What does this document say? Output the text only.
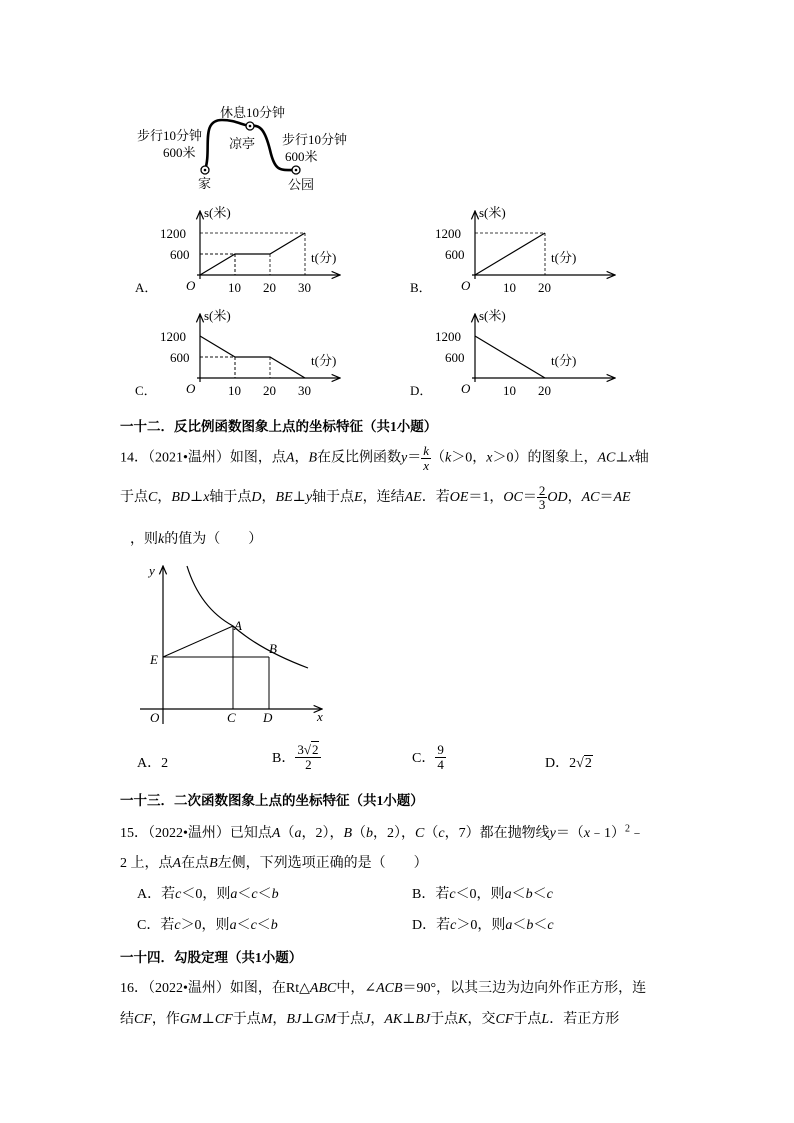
步行10分钟
600米
休息10分钟
凉亭 步行10分钟
600米
家	公园
1200
600
10 20 30
O
s(米)
t(分)
A．
1200
600
10 20
O
s(米)
t(分)
B．
1200
600
10 20 30
O
s(米)
t(分)
C．
1200
600
10 20
O
s(米)
t(分)
D．
一十二．反比例函数图象上点的坐标特征（共1小题）
14．（2021•温州）如图，点A，B在反比例函数$y= \frac{k}{x} (k>0$，x＞0）的图象上，AC⊥x轴
于点C，BD⊥x轴于点D，BE⊥y轴于点E，连结AE．若OE＝1，$OC= \frac{2}{3}$ OD，AC＝AE
，则k的值为（　　）
y
A
B
E
O	C D	x
A．2	B． $\frac{3√2}{2}$	C． $\frac{9}{4}$	D．2√2
一十三．二次函数图象上点的坐标特征（共1小题）
15．（2022•温州）已知点A（a，2），B（b，2），C（c，7）都在抛物线y＝（x﹣1）$^2$﹣
2 上，点A在点B左侧，下列选项正确的是（　　）
A．若c＜0，则a＜c＜b	B．若c＜0，则a＜b＜c
C．若c＞0，则a＜c＜b	D．若c＞0，则a＜b＜c
一十四．勾股定理（共1小题）
16．（2022•温州）如图，在Rt△ABC中，∠ACB＝90°，以其三边为边向外作正方形，连
结CF，作GM⊥CF于点M，BJ⊥GM于点J，AK⊥BJ于点K，交CF于点L．若正方形
